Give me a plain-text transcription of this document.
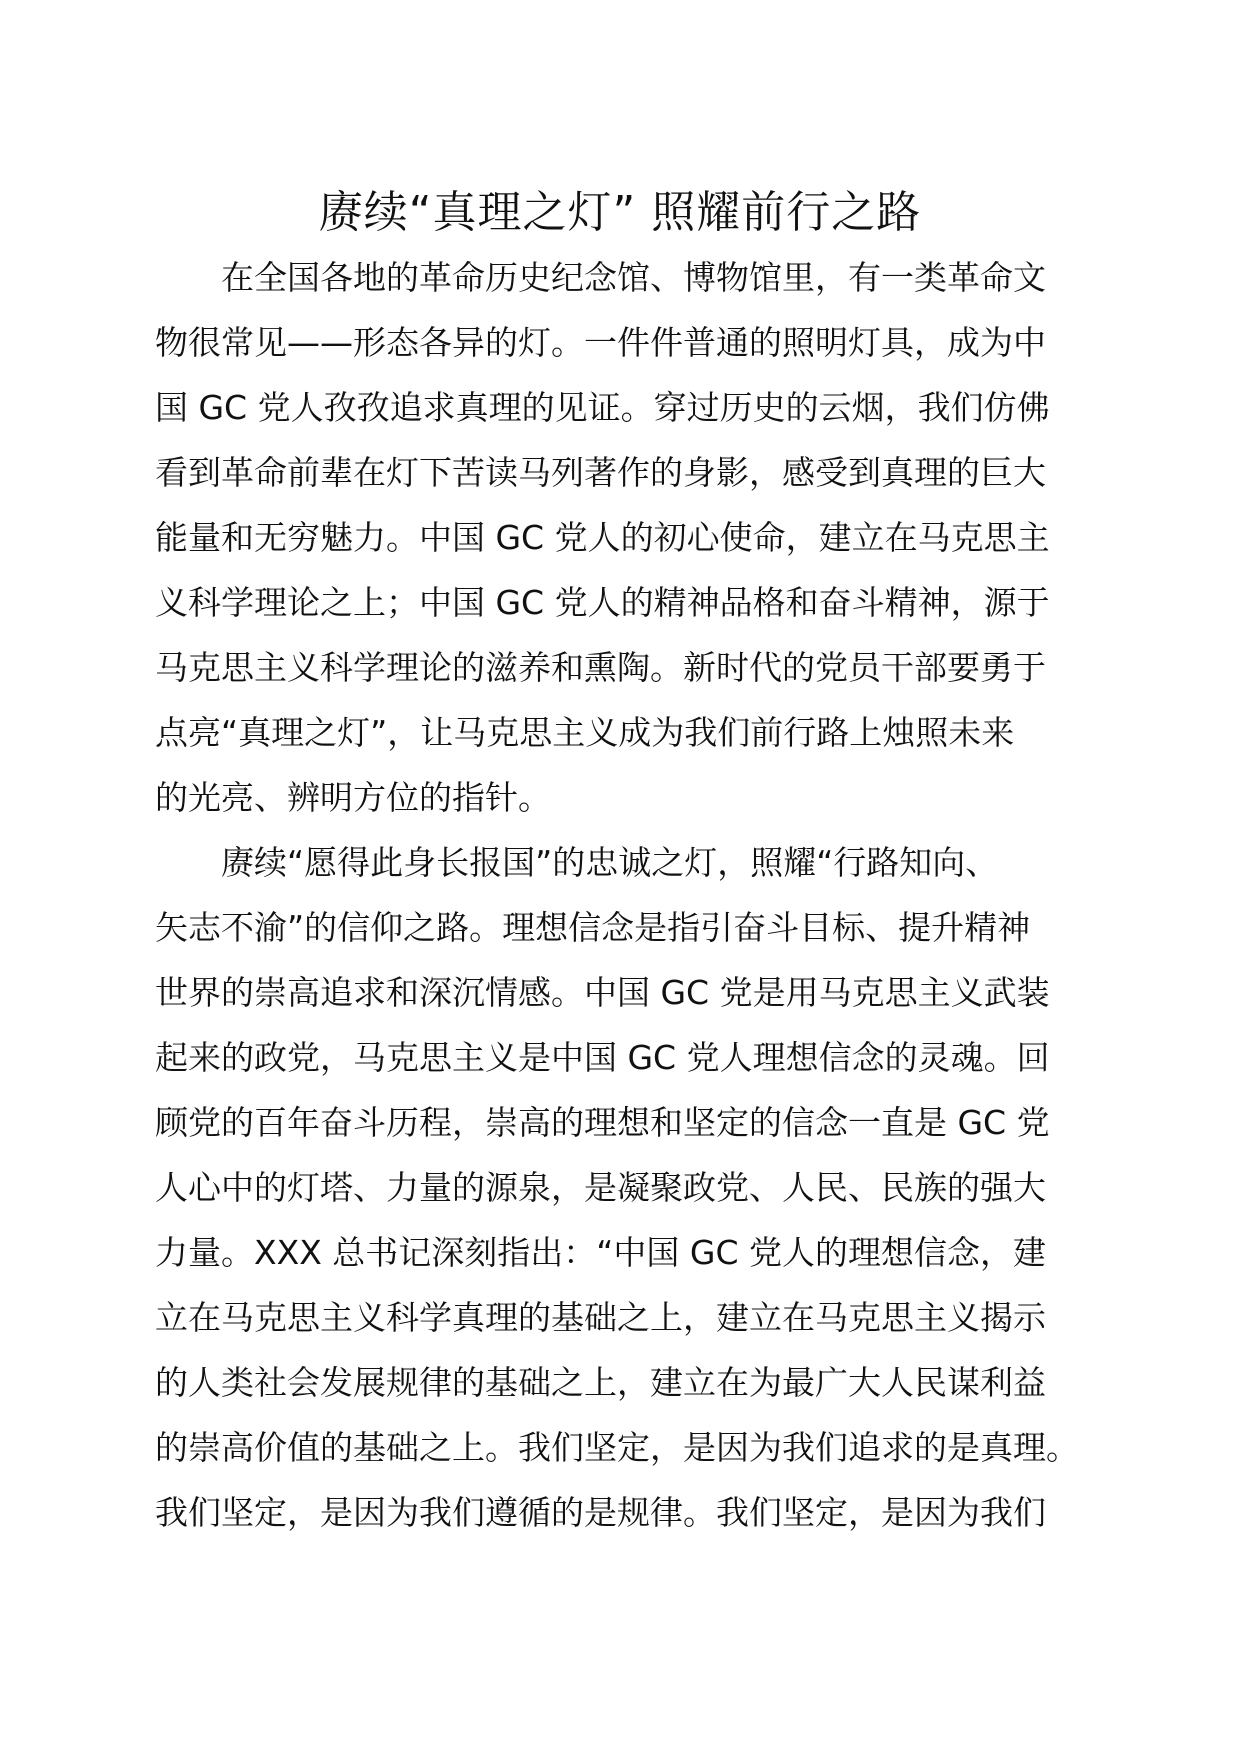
赓续“真理之灯” 照耀前行之路
在全国各地的革命历史纪念馆、博物馆里，有一类革命文
物很常见——形态各异的灯。一件件普通的照明灯具，成为中
国 GC 党人孜孜追求真理的见证。穿过历史的云烟，我们仿佛
看到革命前辈在灯下苦读马列著作的身影，感受到真理的巨大
能量和无穷魅力。中国 GC 党人的初心使命，建立在马克思主
义科学理论之上；中国 GC 党人的精神品格和奋斗精神，源于
马克思主义科学理论的滋养和熏陶。新时代的党员干部要勇于
点亮“真理之灯”，让马克思主义成为我们前行路上烛照未来
的光亮、辨明方位的指针。
赓续“愿得此身长报国”的忠诚之灯，照耀“行路知向、
矢志不渝”的信仰之路。理想信念是指引奋斗目标、提升精神
世界的崇高追求和深沉情感。中国 GC 党是用马克思主义武装
起来的政党，马克思主义是中国 GC 党人理想信念的灵魂。回
顾党的百年奋斗历程，崇高的理想和坚定的信念一直是 GC 党
人心中的灯塔、力量的源泉，是凝聚政党、人民、民族的强大
力量。XXX 总书记深刻指出：“中国 GC 党人的理想信念，建
立在马克思主义科学真理的基础之上，建立在马克思主义揭示
的人类社会发展规律的基础之上，建立在为最广大人民谋利益
的崇高价值的基础之上。我们坚定，是因为我们追求的是真理。
我们坚定，是因为我们遵循的是规律。我们坚定，是因为我们
